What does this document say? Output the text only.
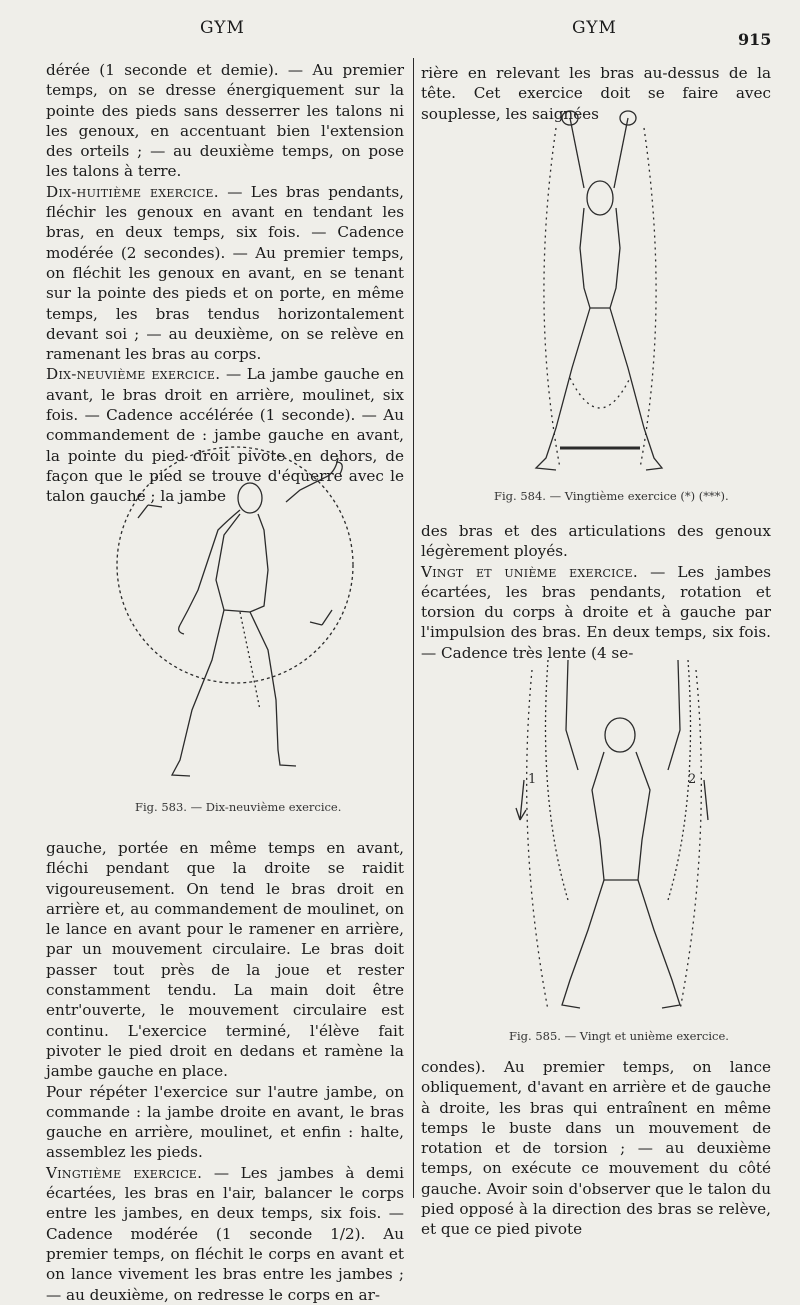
GYM	GYM
915

dérée (1 seconde et demie). — Au premier temps, on se dresse énergiquement sur la pointe des pieds sans desserrer les talons ni les genoux, en accentuant bien l'extension des orteils ; — au deuxième temps, on pose les talons à terre.

Dix-huitième exercice. — Les bras pendants, fléchir les genoux en avant en tendant les bras, en deux temps, six fois. — Cadence modérée (2 secondes). — Au premier temps, on fléchit les genoux en avant, en se tenant sur la pointe des pieds et on porte, en même temps, les bras tendus horizontalement devant soi ; — au deuxième, on se relève en ramenant les bras au corps.

Dix-neuvième exercice. — La jambe gauche en avant, le bras droit en arrière, moulinet, six fois. — Cadence accélérée (1 seconde). — Au commandement de : jambe gauche en avant, la pointe du pied droit pivote en dehors, de façon que le pied se trouve d'équerre avec le talon gauche ; la jambe

Fig. 583. — Dix-neuvième exercice.

gauche, portée en même temps en avant, fléchi pendant que la droite se raidit vigoureusement. On tend le bras droit en arrière et, au commandement de moulinet, on le lance en avant pour le ramener en arrière, par un mouvement circulaire. Le bras doit passer tout près de la joue et rester constamment tendu. La main doit être entr'ouverte, le mouvement circulaire est continu. L'exercice terminé, l'élève fait pivoter le pied droit en dedans et ramène la jambe gauche en place.

Pour répéter l'exercice sur l'autre jambe, on commande : la jambe droite en avant, le bras gauche en arrière, moulinet, et enfin : halte, assemblez les pieds.

Vingtième exercice. — Les jambes à demi écartées, les bras en l'air, balancer le corps entre les jambes, en deux temps, six fois. — Cadence modérée (1 seconde 1/2). Au premier temps, on fléchit le corps en avant et on lance vivement les bras entre les jambes ; — au deuxième, on redresse le corps en ar-

rière en relevant les bras au-dessus de la tête. Cet exercice doit se faire avec souplesse, les saignées

Fig. 584. — Vingtième exercice (*) (***).

des bras et des articulations des genoux légèrement ployés.

Vingt et unième exercice. — Les jambes écartées, les bras pendants, rotation et torsion du corps à droite et à gauche par l'impulsion des bras. En deux temps, six fois. — Cadence très lente (4 se-

1	2
Fig. 585. — Vingt et unième exercice.

condes). Au premier temps, on lance obliquement, d'avant en arrière et de gauche à droite, les bras qui entraînent en même temps le buste dans un mouvement de rotation et de torsion ; — au deuxième temps, on exécute ce mouvement du côté gauche. Avoir soin d'observer que le talon du pied opposé à la direction des bras se relève, et que ce pied pivote
